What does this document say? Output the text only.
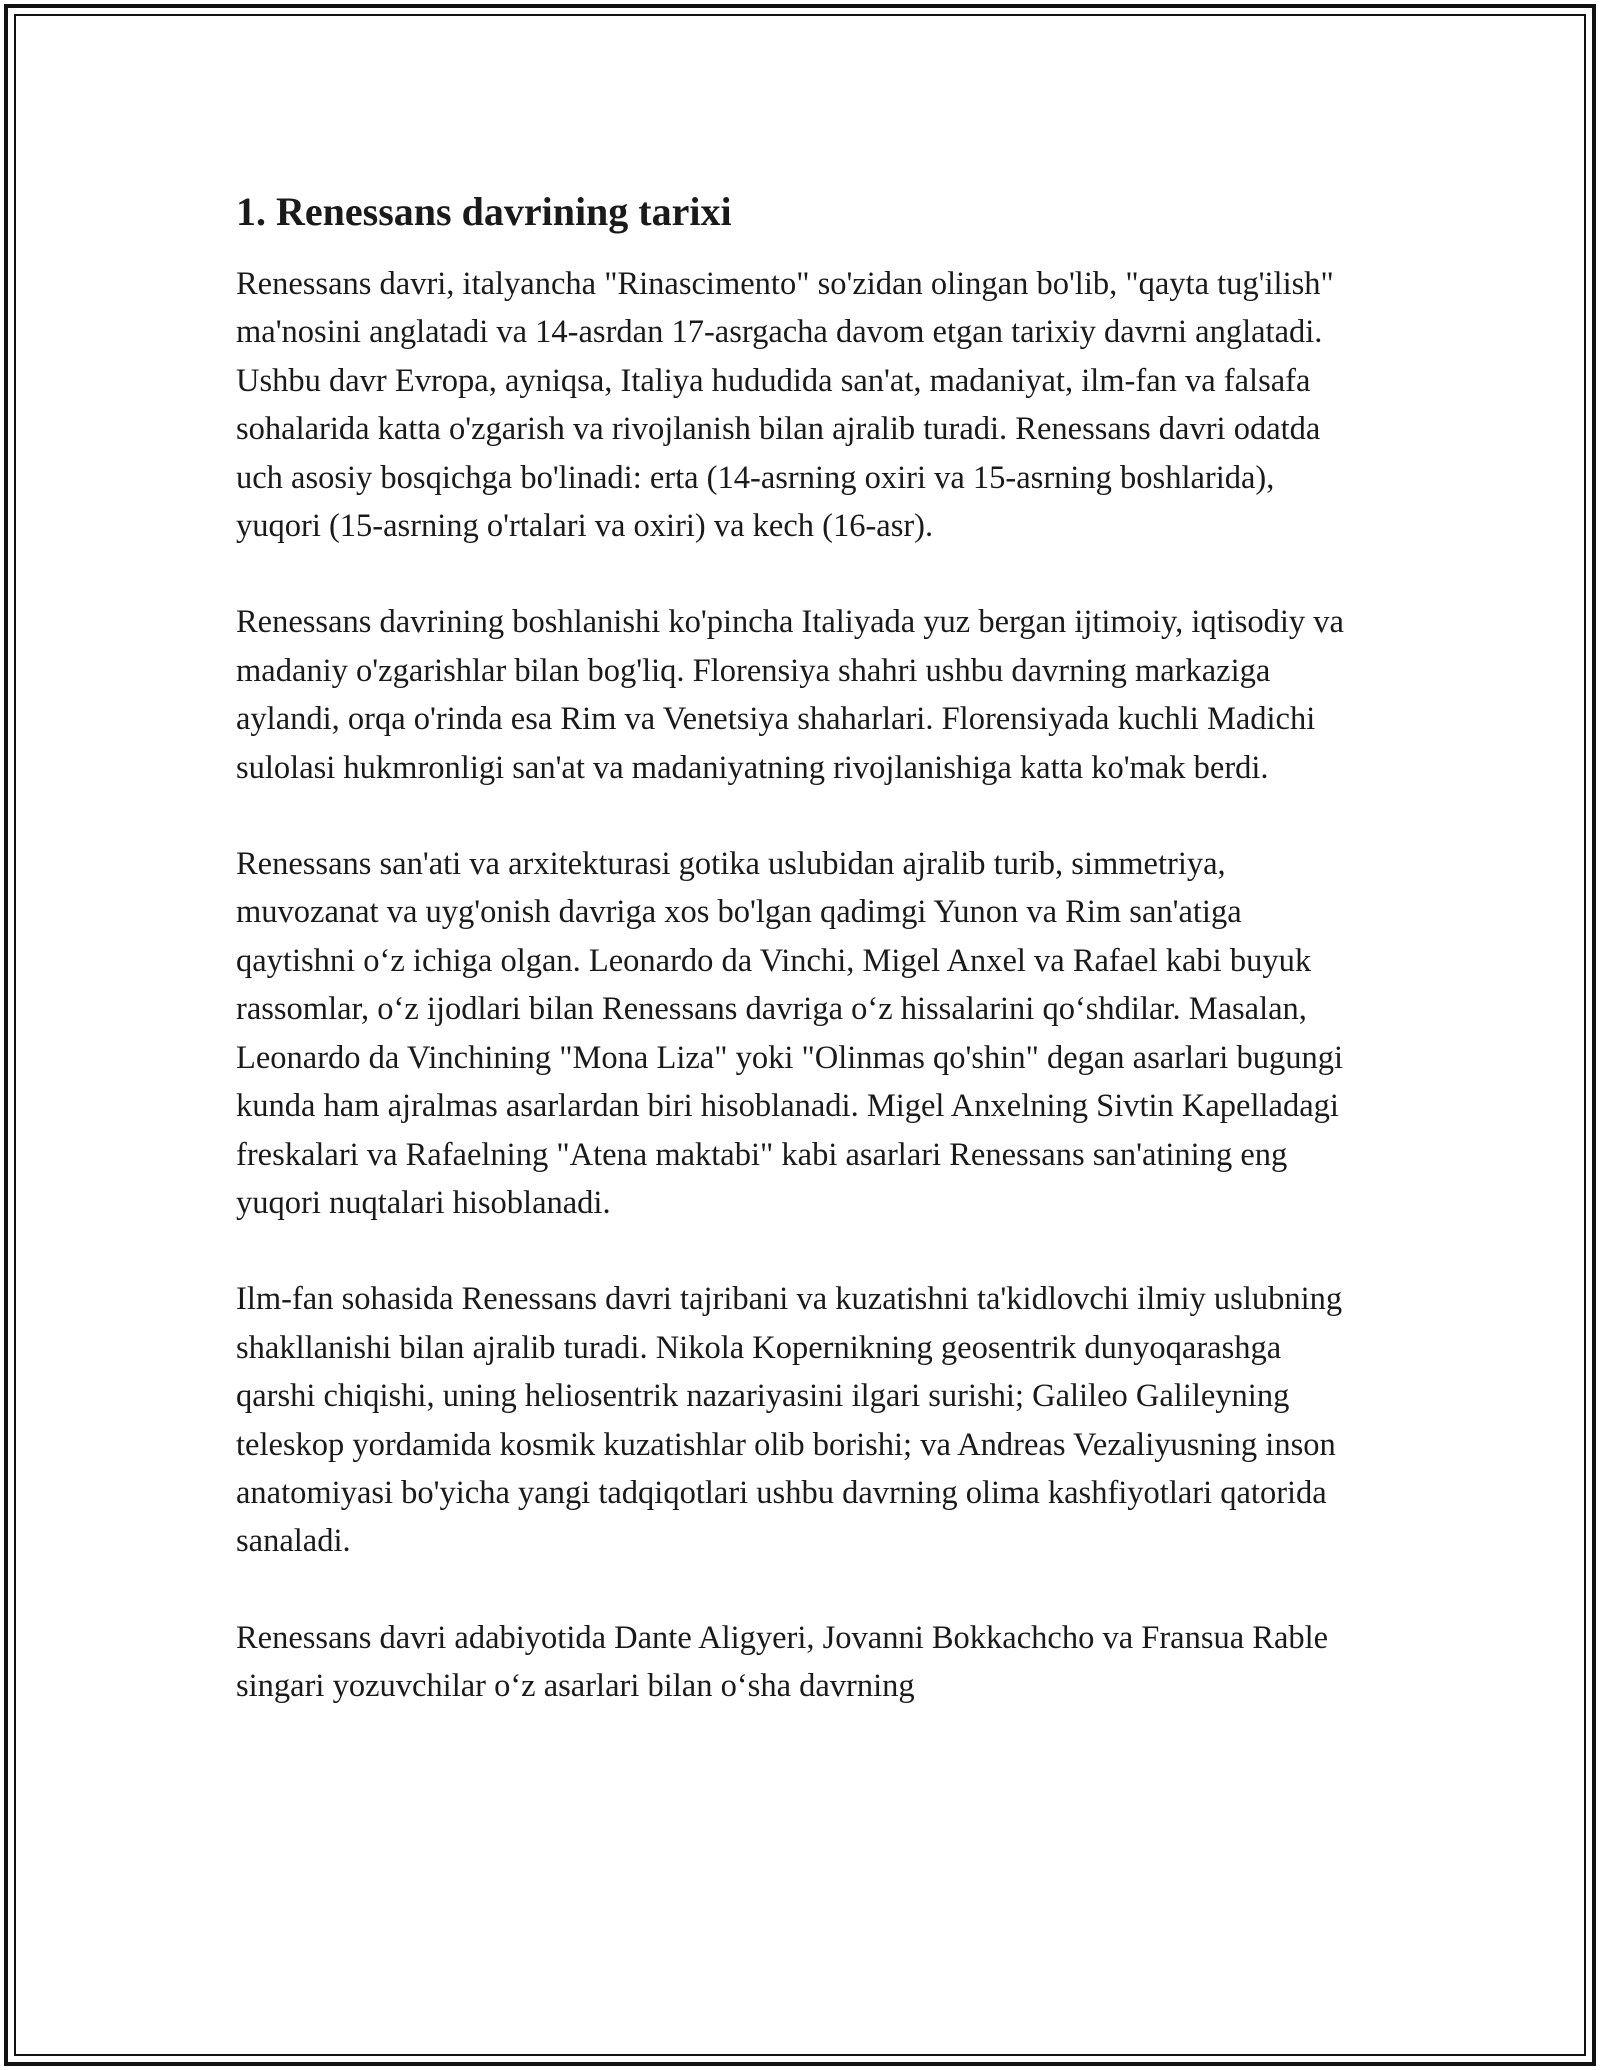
1. Renessans davrining tarixi

Renessans davri, italyancha "Rinascimento" so'zidan olingan bo'lib, "qayta tug'ilish" ma'nosini anglatadi va 14-asrdan 17-asrgacha davom etgan tarixiy davrni anglatadi. Ushbu davr Evropa, ayniqsa, Italiya hududida san'at, madaniyat, ilm-fan va falsafa sohalarida katta o'zgarish va rivojlanish bilan ajralib turadi. Renessans davri odatda uch asosiy bosqichga bo'linadi: erta (14-asrning oxiri va 15-asrning boshlarida), yuqori (15-asrning o'rtalari va oxiri) va kech (16-asr).

Renessans davrining boshlanishi ko'pincha Italiyada yuz bergan ijtimoiy, iqtisodiy va madaniy o'zgarishlar bilan bog'liq. Florensiya shahri ushbu davrning markaziga aylandi, orqa o'rinda esa Rim va Venetsiya shaharlari. Florensiyada kuchli Madichi sulolasi hukmronligi san'at va madaniyatning rivojlanishiga katta ko'mak berdi.

Renessans san'ati va arxitekturasi gotika uslubidan ajralib turib, simmetriya, muvozanat va uyg'onish davriga xos bo'lgan qadimgi Yunon va Rim san'atiga qaytishni o‘z ichiga olgan. Leonardo da Vinchi, Migel Anxel va Rafael kabi buyuk rassomlar, o‘z ijodlari bilan Renessans davriga o‘z hissalarini qo‘shdilar. Masalan, Leonardo da Vinchining "Mona Liza" yoki "Olinmas qo'shin" degan asarlari bugungi kunda ham ajralmas asarlardan biri hisoblanadi. Migel Anxelning Sivtin Kapelladagi freskalari va Rafaelning "Atena maktabi" kabi asarlari Renessans san'atining eng yuqori nuqtalari hisoblanadi.

Ilm-fan sohasida Renessans davri tajribani va kuzatishni ta'kidlovchi ilmiy uslubning shakllanishi bilan ajralib turadi. Nikola Kopernikning geosentrik dunyoqarashga qarshi chiqishi, uning heliosentrik nazariyasini ilgari surishi; Galileo Galileyning teleskop yordamida kosmik kuzatishlar olib borishi; va Andreas Vezaliyusning inson anatomiyasi bo'yicha yangi tadqiqotlari ushbu davrning olima kashfiyotlari qatorida sanaladi.

Renessans davri adabiyotida Dante Aligyeri, Jovanni Bokkachcho va Fransua Rable singari yozuvchilar o‘z asarlari bilan o‘sha davrning
